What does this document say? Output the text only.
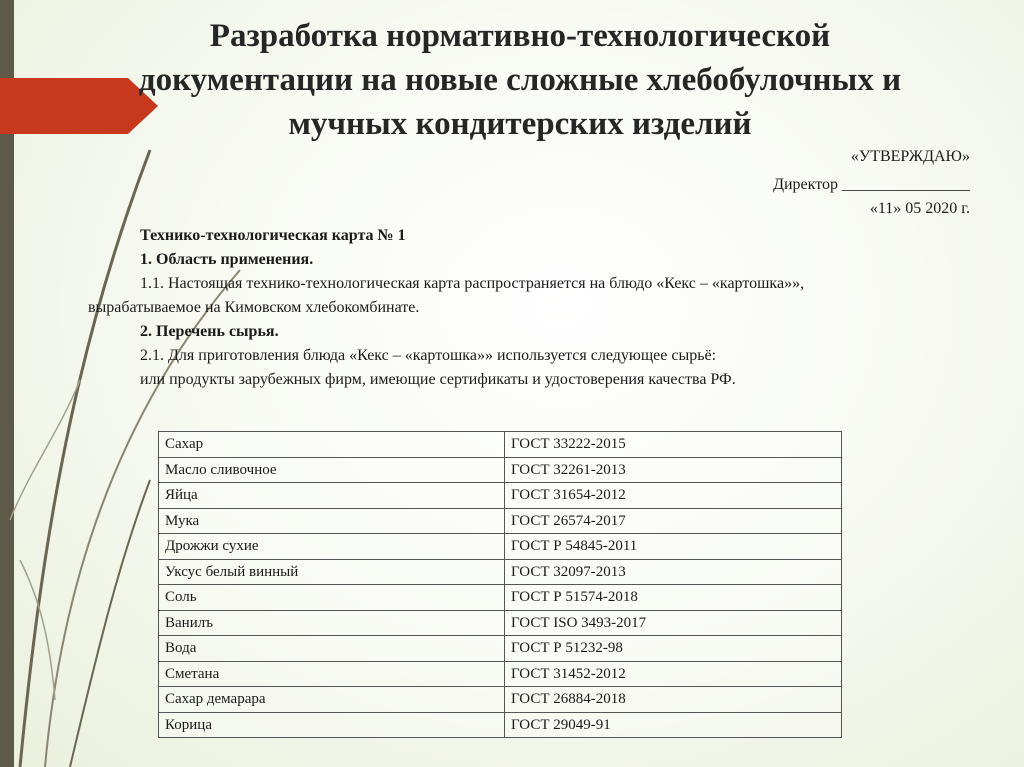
Разработка нормативно-технологической
документации на новые сложные хлебобулочных и
мучных кондитерских изделий
«УТВЕРЖДАЮ»
Директор ________________
«11» 05 2020 г.
Технико-технологическая карта № 1
1. Область применения.
1.1. Настоящая технико-технологическая карта распространяется на блюдо «Кекс – «картошка»»,
вырабатываемое на Кимовском хлебокомбинате.
2. Перечень сырья.
2.1. Для приготовления блюда «Кекс – «картошка»» используется следующее сырьё:
или продукты зарубежных фирм, имеющие сертификаты и удостоверения качества РФ.
Сахар	ГОСТ 33222-2015
Масло сливочное	ГОСТ 32261-2013
Яйца	ГОСТ 31654-2012
Мука	ГОСТ 26574-2017
Дрожжи сухие	ГОСТ Р 54845-2011
Уксус белый винный	ГОСТ 32097-2013
Соль	ГОСТ Р 51574-2018
Ванилъ	ГОСТ ISO 3493-2017
Вода	ГОСТ Р 51232-98
Сметана	ГОСТ 31452-2012
Сахар демарара	ГОСТ 26884-2018
Корица	ГОСТ 29049-91
